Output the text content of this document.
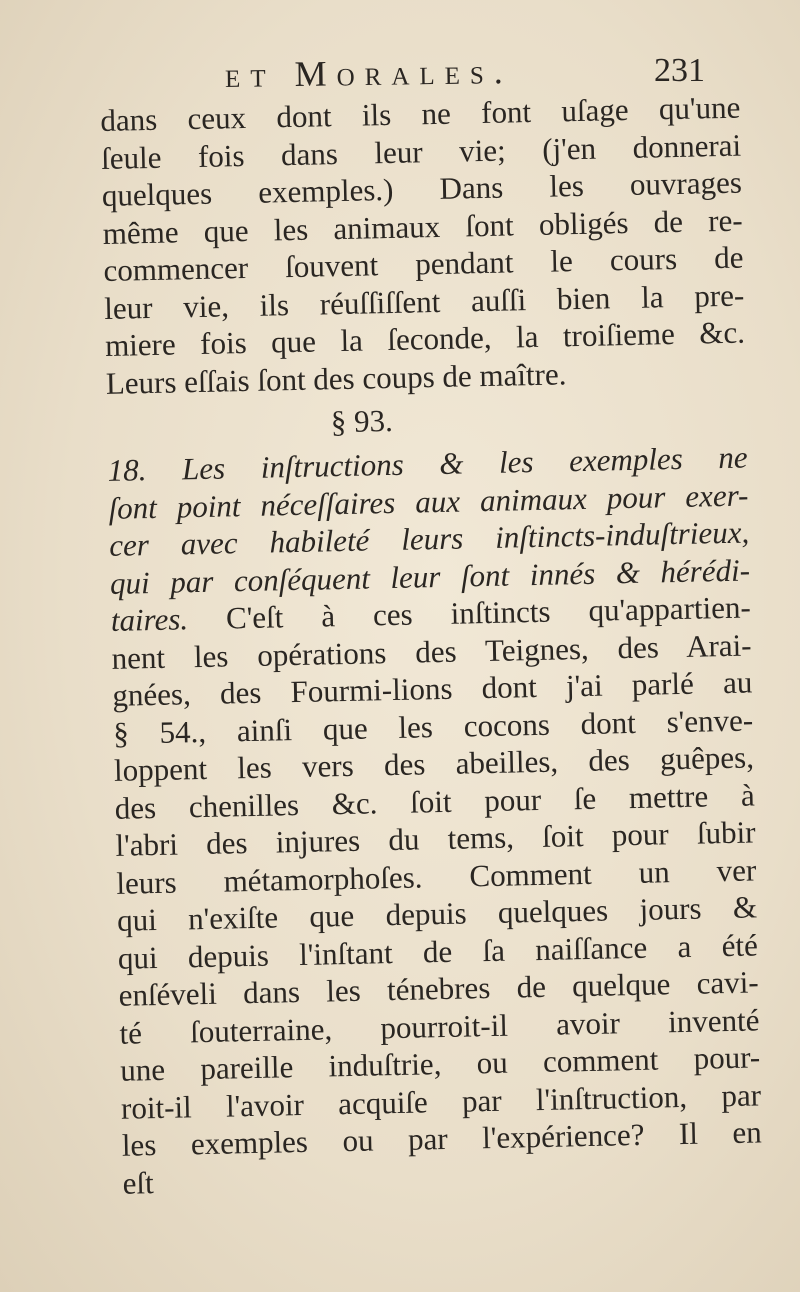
et Morales.	231
dans ceux dont ils ne font uſage qu'une
ſeule fois dans leur vie; (j'en donnerai
quelques exemples.) Dans les ouvrages
même que les animaux ſont obligés de re-
commencer ſouvent pendant le cours de
leur vie, ils réuſſiſſent auſſi bien la pre-
miere fois que la ſeconde, la troiſieme &c.
Leurs eſſais ſont des coups de maître.
§ 93.
18. Les inſtructions & les exemples ne
ſont point néceſſaires aux animaux pour exer-
cer avec habileté leurs inſtincts-induſtrieux,
qui par conſéquent leur ſont innés & hérédi-
taires. C'eſt à ces inſtincts qu'appartien-
nent les opérations des Teignes, des Arai-
gnées, des Fourmi-lions dont j'ai parlé au
§ 54., ainſi que les cocons dont s'enve-
loppent les vers des abeilles, des guêpes,
des chenilles &c. ſoit pour ſe mettre à
l'abri des injures du tems, ſoit pour ſubir
leurs métamorphoſes. Comment un ver
qui n'exiſte que depuis quelques jours &
qui depuis l'inſtant de ſa naiſſance a été
enſéveli dans les ténebres de quelque cavi-
té ſouterraine, pourroit-il avoir inventé
une pareille induſtrie, ou comment pour-
roit-il l'avoir acquiſe par l'inſtruction, par
les exemples ou par l'expérience? Il en
eſt
